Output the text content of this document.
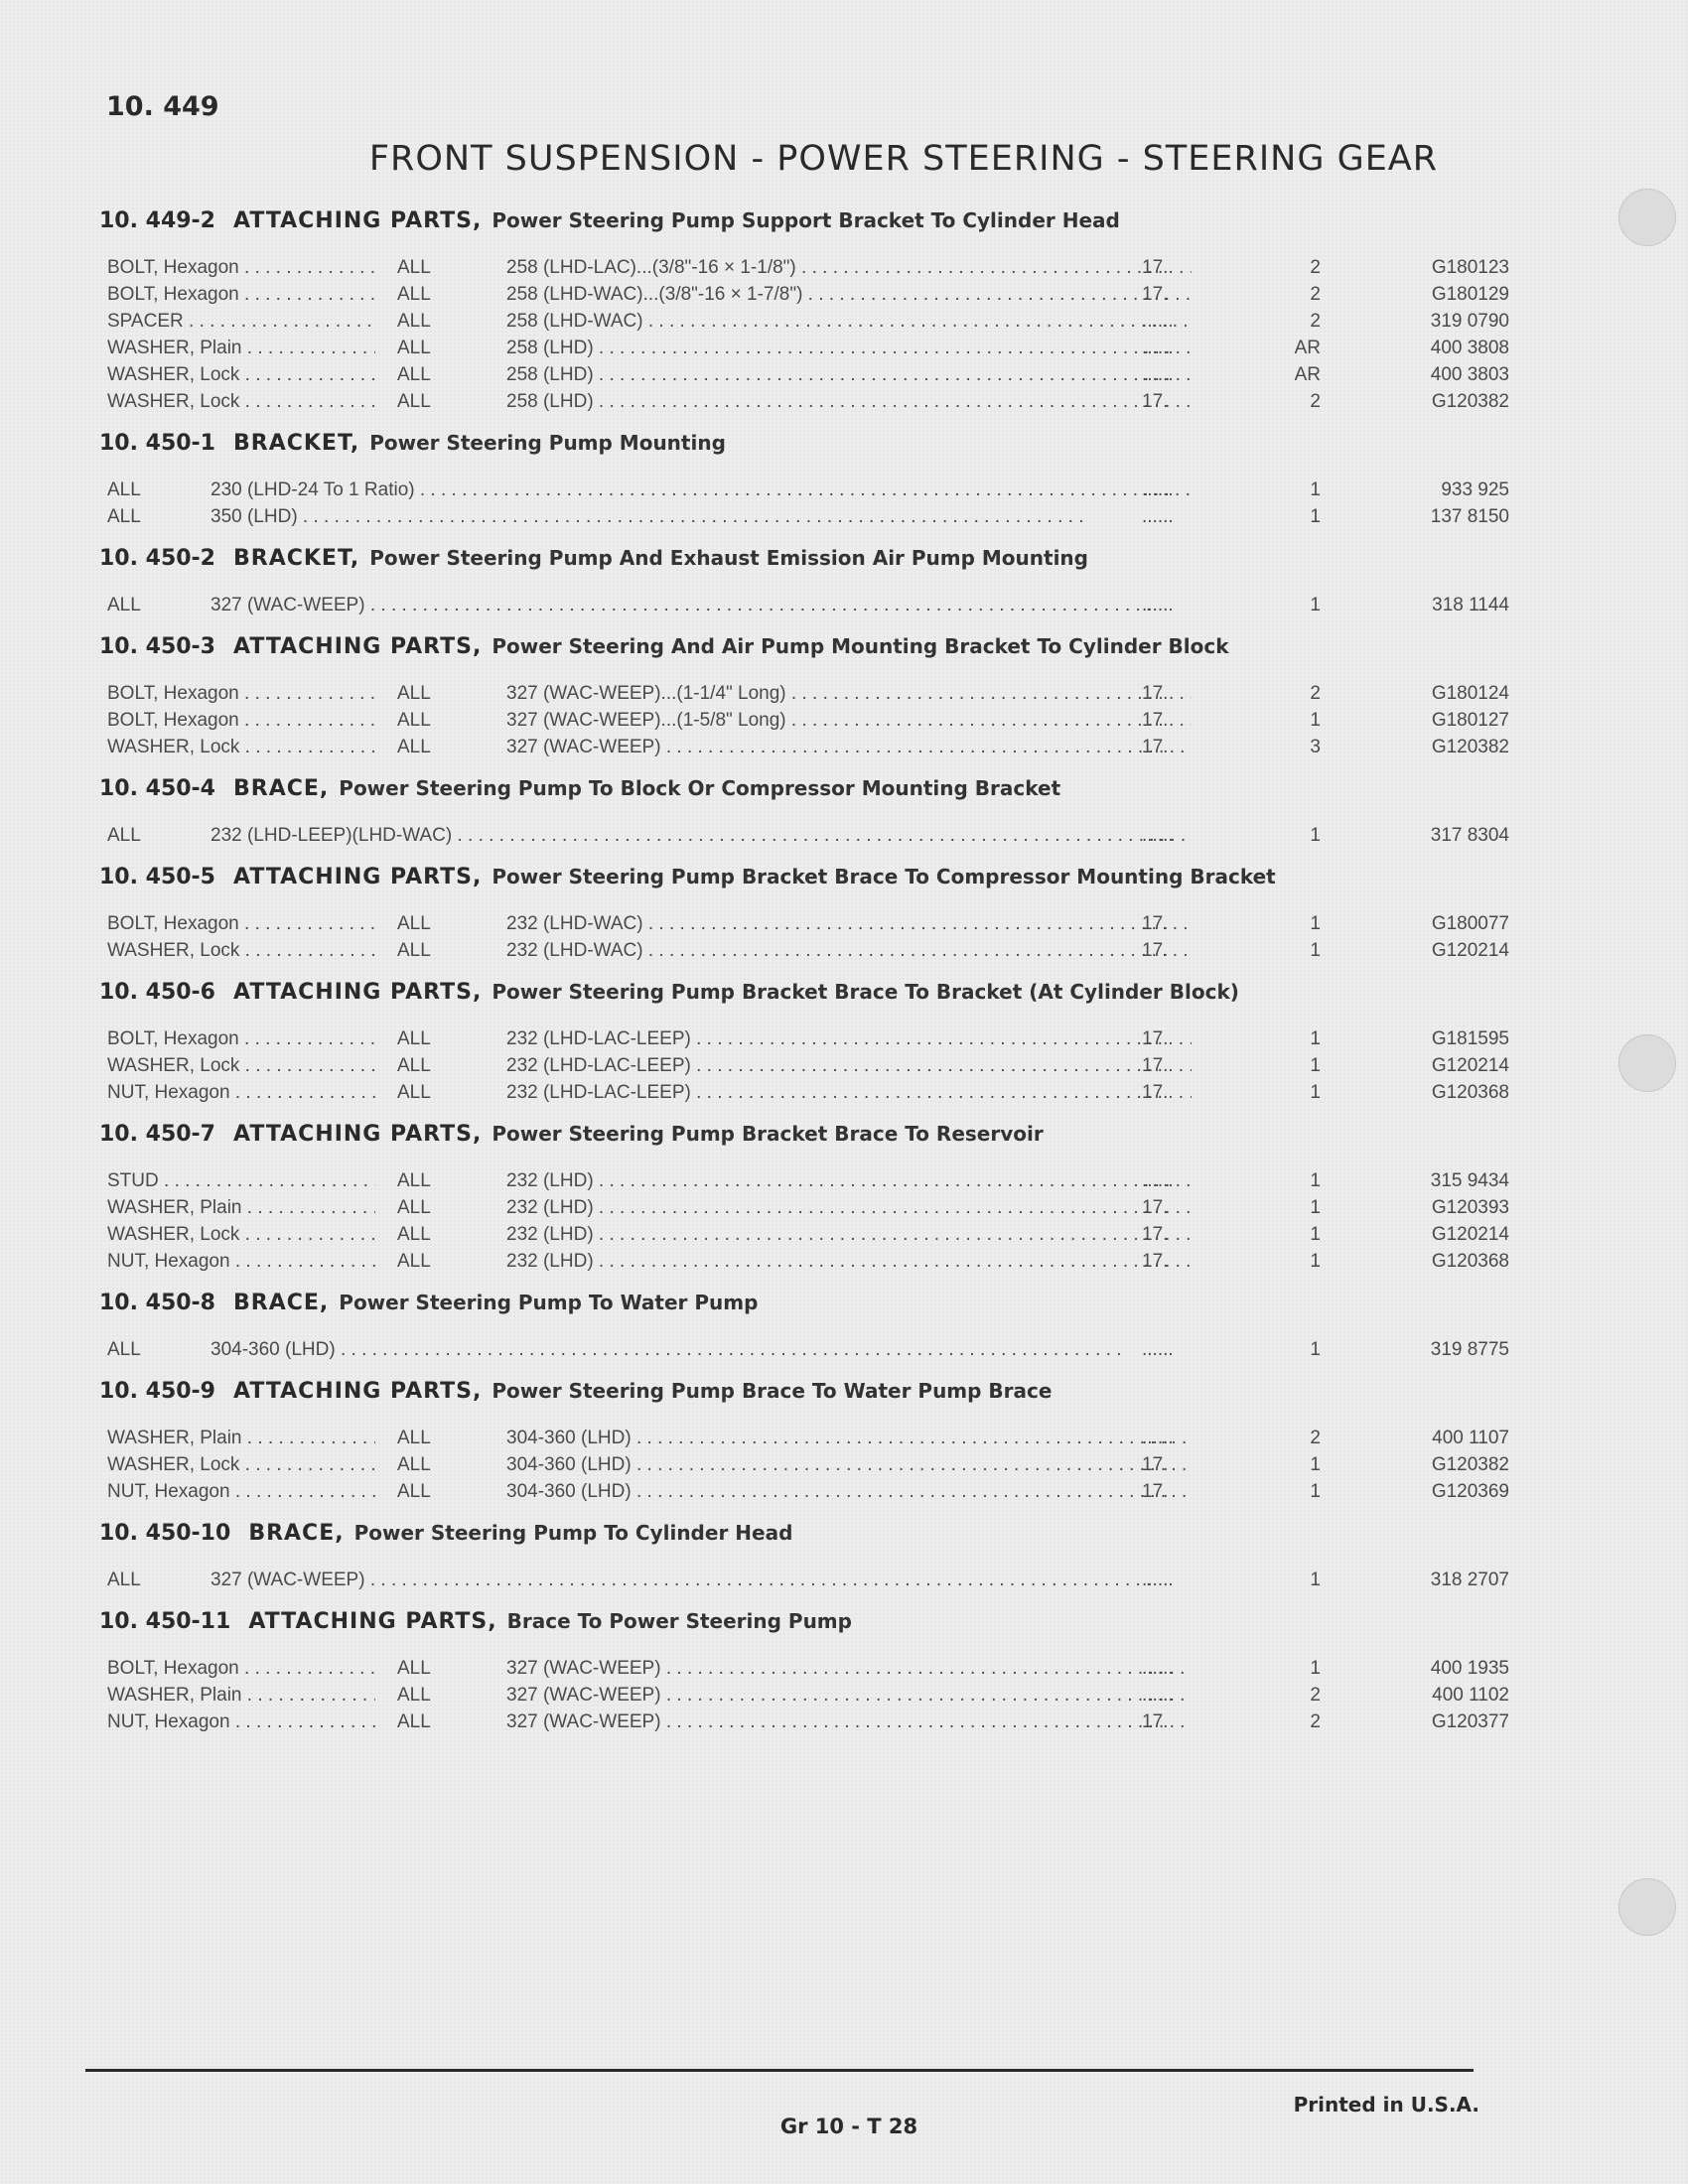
10. 449
FRONT SUSPENSION - POWER STEERING - STEERING GEAR
10. 449-2 ATTACHING PARTS, Power Steering Pump Support Bracket To Cylinder Head
BOLT, Hexagon . . .	ALL	258 (LHD-LAC)...(3/8"-16 × 1-1/8") . . .	17.	2	G180123
BOLT, Hexagon . . .	ALL	258 (LHD-WAC)...(3/8"-16 × 1-7/8") . . .	17.	2	G180129
SPACER . . .	ALL	258 (LHD-WAC) . . .	......	2	319 0790
WASHER, Plain . . .	ALL	258 (LHD) . . .	......	AR	400 3808
WASHER, Lock . . .	ALL	258 (LHD) . . .	......	AR	400 3803
WASHER, Lock . . .	ALL	258 (LHD) . . .	17.	2	G120382
10. 450-1 BRACKET, Power Steering Pump Mounting
ALL	230 (LHD-24 To 1 Ratio) . . .	......	1	933 925
ALL	350 (LHD) . . .	......	1	137 8150
10. 450-2 BRACKET, Power Steering Pump And Exhaust Emission Air Pump Mounting
ALL	327 (WAC-WEEP) . . .	......	1	318 1144
10. 450-3 ATTACHING PARTS, Power Steering And Air Pump Mounting Bracket To Cylinder Block
BOLT, Hexagon . . .	ALL	327 (WAC-WEEP)...(1-1/4" Long) . . .	17.	2	G180124
BOLT, Hexagon . . .	ALL	327 (WAC-WEEP)...(1-5/8" Long) . . .	17.	1	G180127
WASHER, Lock . . .	ALL	327 (WAC-WEEP) . . .	17.	3	G120382
10. 450-4 BRACE, Power Steering Pump To Block Or Compressor Mounting Bracket
ALL	232 (LHD-LEEP)(LHD-WAC) . . .	......	1	317 8304
10. 450-5 ATTACHING PARTS, Power Steering Pump Bracket Brace To Compressor Mounting Bracket
BOLT, Hexagon . . .	ALL	232 (LHD-WAC) . . .	17.	1	G180077
WASHER, Lock . . .	ALL	232 (LHD-WAC) . . .	17.	1	G120214
10. 450-6 ATTACHING PARTS, Power Steering Pump Bracket Brace To Bracket (At Cylinder Block)
BOLT, Hexagon . . .	ALL	232 (LHD-LAC-LEEP) . . .	17.	1	G181595
WASHER, Lock . . .	ALL	232 (LHD-LAC-LEEP) . . .	17.	1	G120214
NUT, Hexagon . . .	ALL	232 (LHD-LAC-LEEP) . . .	17.	1	G120368
10. 450-7 ATTACHING PARTS, Power Steering Pump Bracket Brace To Reservoir
STUD . . .	ALL	232 (LHD) . . .	......	1	315 9434
WASHER, Plain . . .	ALL	232 (LHD) . . .	17.	1	G120393
WASHER, Lock . . .	ALL	232 (LHD) . . .	17.	1	G120214
NUT, Hexagon . . .	ALL	232 (LHD) . . .	17.	1	G120368
10. 450-8 BRACE, Power Steering Pump To Water Pump
ALL	304-360 (LHD) . . .	......	1	319 8775
10. 450-9 ATTACHING PARTS, Power Steering Pump Brace To Water Pump Brace
WASHER, Plain . . .	ALL	304-360 (LHD) . . .	......	2	400 1107
WASHER, Lock . . .	ALL	304-360 (LHD) . . .	17.	1	G120382
NUT, Hexagon . . .	ALL	304-360 (LHD) . . .	17.	1	G120369
10. 450-10 BRACE, Power Steering Pump To Cylinder Head
ALL	327 (WAC-WEEP) . . .	......	1	318 2707
10. 450-11 ATTACHING PARTS, Brace To Power Steering Pump
BOLT, Hexagon . . .	ALL	327 (WAC-WEEP) . . .	......	1	400 1935
WASHER, Plain . . .	ALL	327 (WAC-WEEP) . . .	......	2	400 1102
NUT, Hexagon . . .	ALL	327 (WAC-WEEP) . . .	17.	2	G120377
Gr 10 - T 28
Printed in U.S.A.
